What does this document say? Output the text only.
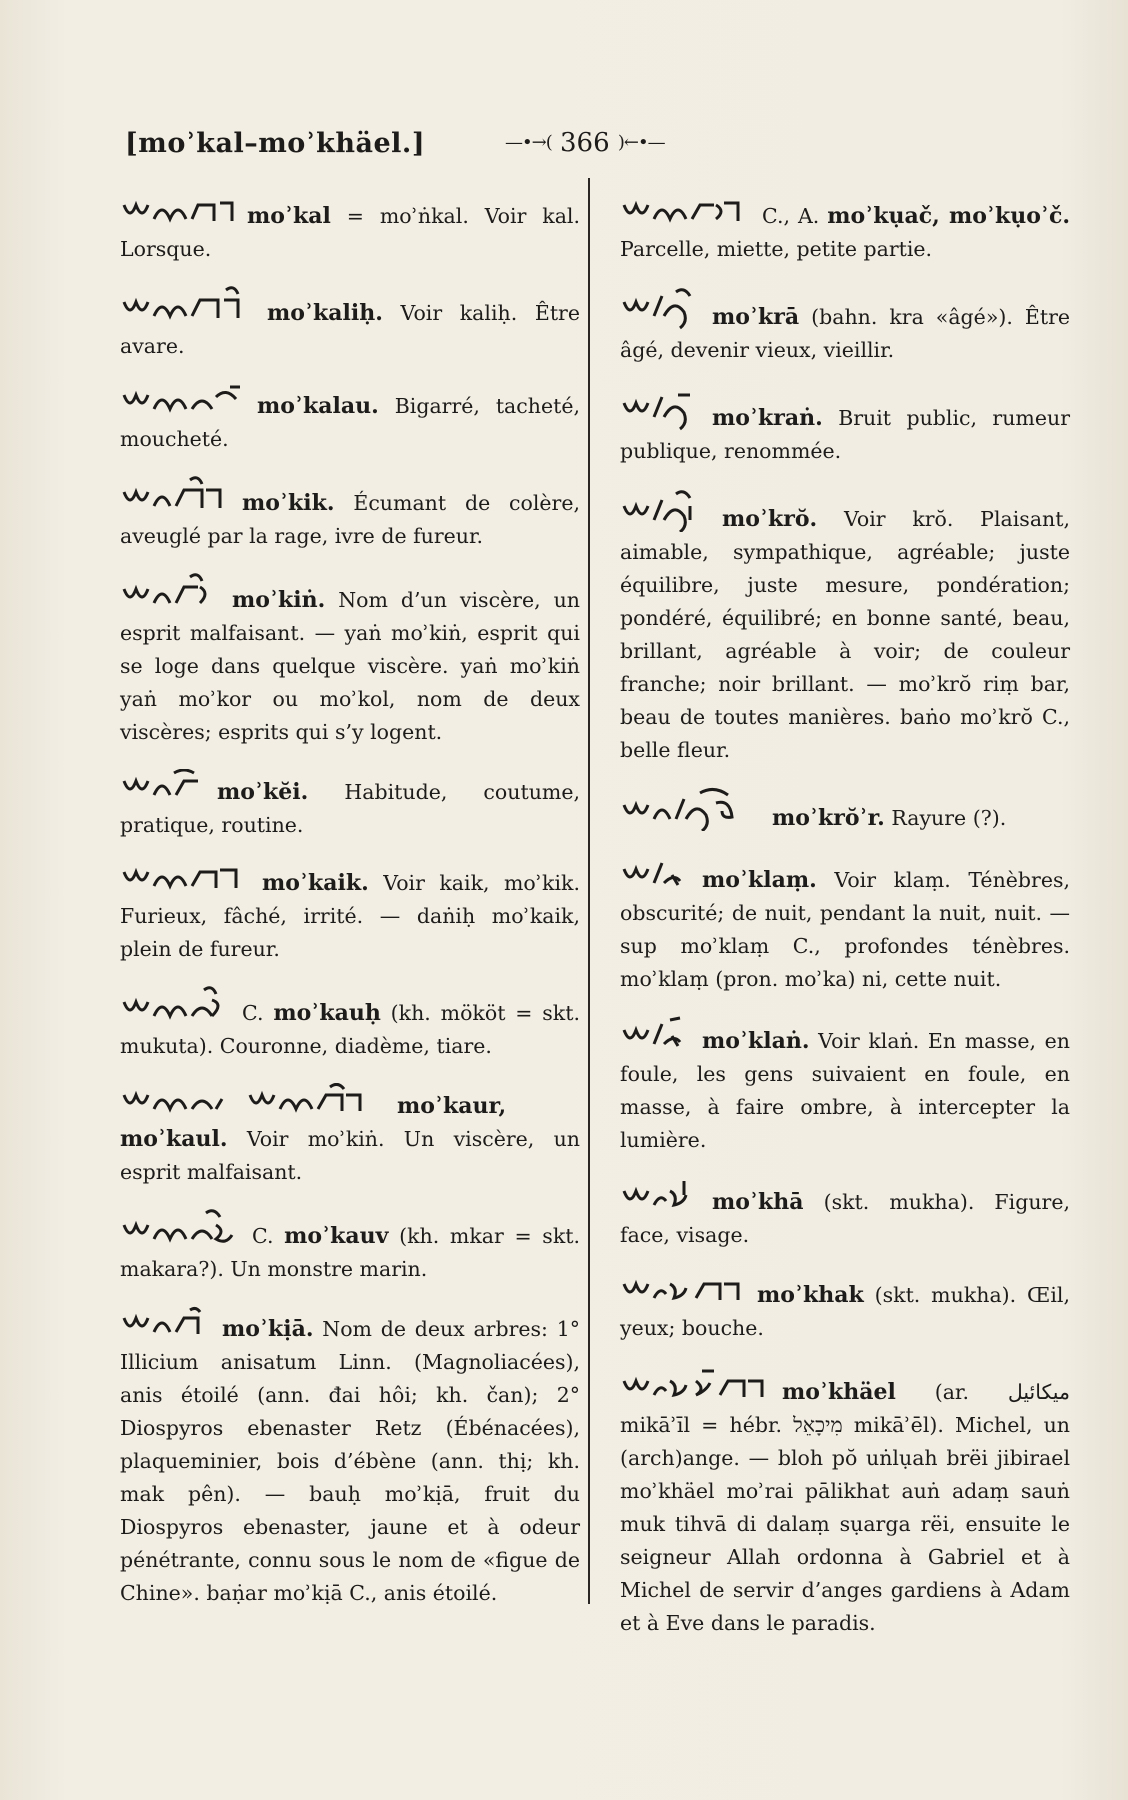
[moʾkal–moʾkhäel.]	—•→( 366 )←•—
moʾkal = moʾṅkal. Voir kal. Lorsque.
moʾkaliḥ. Voir kaliḥ. Être avare.
moʾkalau. Bigarré, tacheté, moucheté.
moʾkik. Écumant de colère, aveuglé par la rage, ivre de fureur.
moʾkiṅ. Nom d’un viscère, un esprit malfaisant. — yaṅ moʾkiṅ, esprit qui se loge dans quelque viscère. yaṅ moʾkiṅ yaṅ moʾkor ou moʾkol, nom de deux viscères; esprits qui s’y logent.
moʾkĕi. Habitude, coutume, pratique, routine.
moʾkaik. Voir kaik, moʾkik. Furieux, fâché, irrité. — daṅiḥ moʾkaik, plein de fureur.
C. moʾkauḥ (kh. mököt = skt. mukuta). Couronne, diadème, tiare.
moʾkaur, moʾkaul. Voir moʾkiṅ. Un viscère, un esprit malfaisant.
C. moʾkauv (kh. mkar = skt. makara?). Un monstre marin.
moʾkịā. Nom de deux arbres: 1° Illicium anisatum Linn. (Magnoliacées), anis étoilé (ann. đai hôi; kh. čan); 2° Diospyros ebenaster Retz (Ébénacées), plaqueminier, bois d’ébène (ann. thị; kh. mak pên). — bauḥ moʾkịā, fruit du Diospyros ebenaster, jaune et à odeur pénétrante, connu sous le nom de «figue de Chine». baṇ̇ar moʾkịā C., anis étoilé.
C., A. moʾkụač, moʾkụoʾč. Parcelle, miette, petite partie.
moʾkrā (bahn. kra «âgé»). Être âgé, devenir vieux, vieillir.
moʾkraṅ. Bruit public, rumeur publique, renommée.
moʾkrŏ. Voir krŏ. Plaisant, aimable, sympathique, agréable; juste équilibre, juste mesure, pondération; pondéré, équilibré; en bonne santé, beau, brillant, agréable à voir; de couleur franche; noir brillant. — moʾkrŏ riṃ bar, beau de toutes manières. baṅo moʾkrŏ C., belle fleur.
moʾkrŏʾr. Rayure (?).
moʾklaṃ. Voir klaṃ. Ténèbres, obscurité; de nuit, pendant la nuit, nuit. — sup moʾklaṃ C., profondes ténèbres. moʾklaṃ (pron. moʾka) ni, cette nuit.
moʾklaṅ. Voir klaṅ. En masse, en foule, les gens suivaient en foule, en masse, à faire ombre, à intercepter la lumière.
moʾkhā (skt. mukha). Figure, face, visage.
moʾkhak (skt. mukha). Œil, yeux; bouche.
moʾkhäel (ar. ميكائيل mikāʾīl = hébr. מִיכָאֵל mikāʾēl). Michel, un (arch)ange. — bloh pŏ uṅlụah brëi jibirael moʾkhäel moʾrai pālikhat auṅ adaṃ sauṅ muk tihvā di dalaṃ sụarga rëi, ensuite le seigneur Allah ordonna à Gabriel et à Michel de servir d’anges gardiens à Adam et à Eve dans le paradis.
